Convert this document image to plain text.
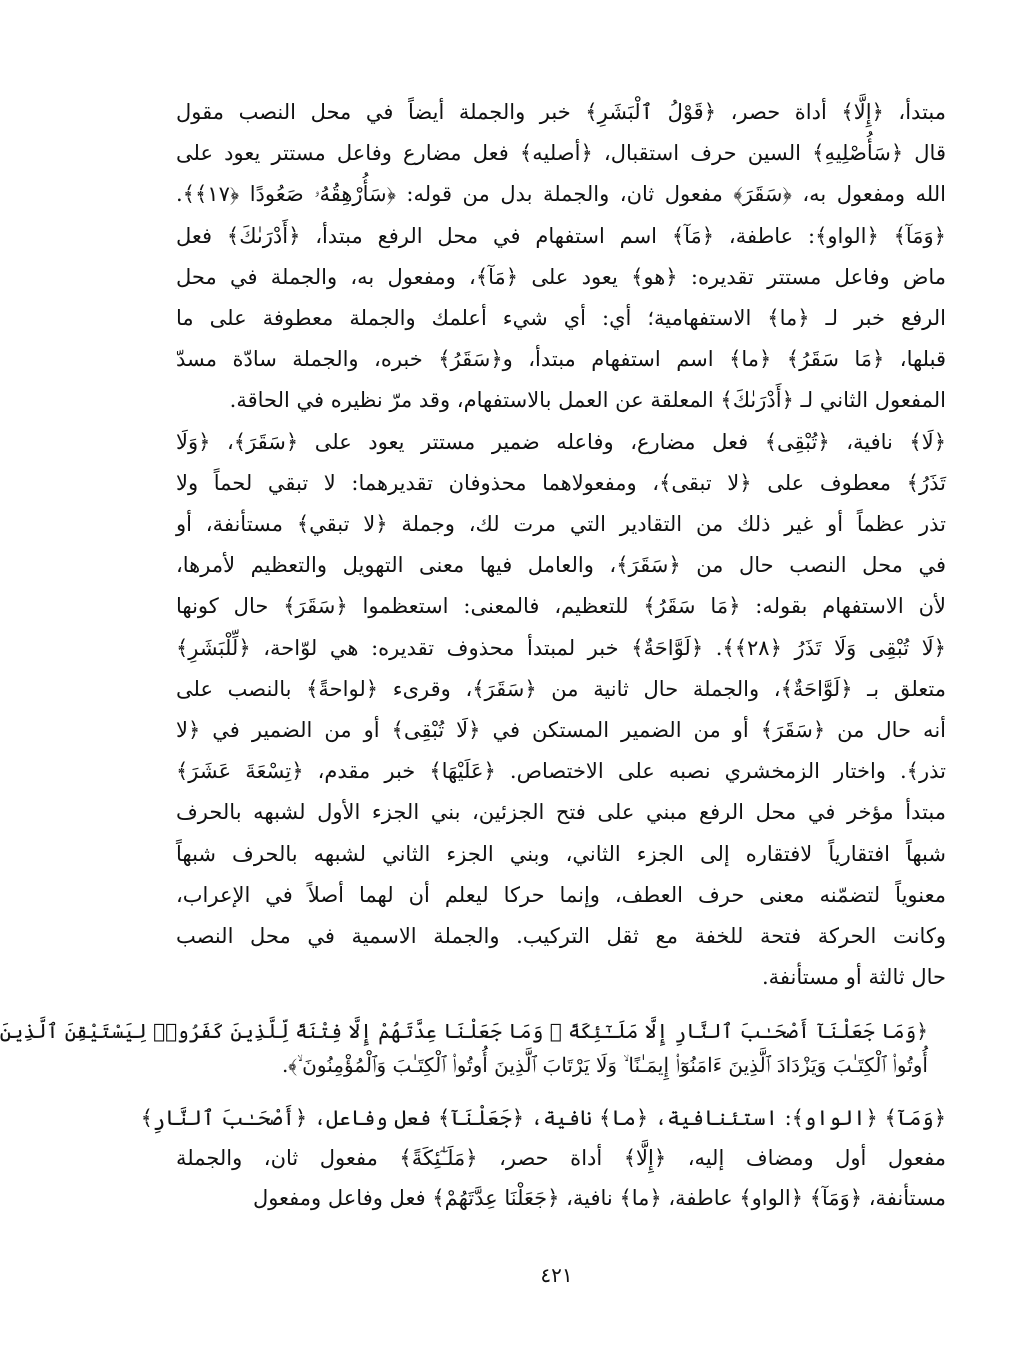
مبتدأ، ﴿إِلَّا﴾ أداة حصر، ﴿قَوْلُ ٱلْبَشَرِ﴾ خبر والجملة أيضاً في محل النصب مقول
قال ﴿سَأُصْلِيهِ﴾ السين حرف استقبال، ﴿أصليه﴾ فعل مضارع وفاعل مستتر يعود على
الله ومفعول به، ﴿سَقَرَ﴾ مفعول ثان، والجملة بدل من قوله: ﴿سَأُرْهِقُهُۥ صَعُودًا ﴿١٧﴾﴾.
﴿وَمَآ﴾ ﴿الواو﴾: عاطفة، ﴿مَآ﴾ اسم استفهام في محل الرفع مبتدأ، ﴿أَدْرَىٰكَ﴾ فعل
ماض وفاعل مستتر تقديره: ﴿هو﴾ يعود على ﴿مَآ﴾، ومفعول به، والجملة في محل
الرفع خبر لـ ﴿ما﴾ الاستفهامية؛ أي: أي شيء أعلمك والجملة معطوفة على ما
قبلها، ﴿مَا سَقَرُ﴾ ﴿ما﴾ اسم استفهام مبتدأ، و﴿سَقَرُ﴾ خبره، والجملة سادّة مسدّ
المفعول الثاني لـ ﴿أَدْرَىٰكَ﴾ المعلقة عن العمل بالاستفهام، وقد مرّ نظيره في الحاقة.
﴿لَا﴾ نافية، ﴿تُبْقِى﴾ فعل مضارع، وفاعله ضمير مستتر يعود على ﴿سَقَرَ﴾، ﴿وَلَا
تَذَرُ﴾ معطوف على ﴿لا تبقى﴾، ومفعولاهما محذوفان تقديرهما: لا تبقي لحماً ولا
تذر عظماً أو غير ذلك من التقادير التي مرت لك، وجملة ﴿لا تبقي﴾ مستأنفة، أو
في محل النصب حال من ﴿سَقَرَ﴾، والعامل فيها معنى التهويل والتعظيم لأمرها،
لأن الاستفهام بقوله: ﴿مَا سَقَرُ﴾ للتعظيم، فالمعنى: استعظموا ﴿سَقَرَ﴾ حال كونها
﴿لَا تُبْقِى وَلَا تَذَرُ ﴿٢٨﴾﴾. ﴿لَوَّاحَةٌ﴾ خبر لمبتدأ محذوف تقديره: هي لوّاحة، ﴿لِّلْبَشَرِ﴾
متعلق بـ ﴿لَوَّاحَةٌ﴾، والجملة حال ثانية من ﴿سَقَرَ﴾، وقرىء ﴿لواحةً﴾ بالنصب على
أنه حال من ﴿سَقَرَ﴾ أو من الضمير المستكن في ﴿لَا تُبْقِى﴾ أو من الضمير في ﴿لا
تذر﴾. واختار الزمخشري نصبه على الاختصاص. ﴿عَلَيْهَا﴾ خبر مقدم، ﴿تِسْعَةَ عَشَرَ﴾
مبتدأ مؤخر في محل الرفع مبني على فتح الجزئين، بني الجزء الأول لشبهه بالحرف
شبهاً افتقارياً لافتقاره إلى الجزء الثاني، وبني الجزء الثاني لشبهه بالحرف شبهاً
معنوياً لتضمّنه معنى حرف العطف، وإنما حركا ليعلم أن لهما أصلاً في الإعراب،
وكانت الحركة فتحة للخفة مع ثقل التركيب. والجملة الاسمية في محل النصب
حال ثالثة أو مستأنفة.
﴿وَمَا جَعَلْنَآ أَصْحَـٰبَ ٱلنَّارِ إِلَّا مَلَـٰٓئِكَةً ۙ وَمَا جَعَلْنَا عِدَّتَهُمْ إِلَّا فِتْنَةً لِّلَّذِينَ كَفَرُوا۟ لِيَسْتَيْقِنَ ٱلَّذِينَ
أُوتُوا۟ ٱلْكِتَـٰبَ وَيَزْدَادَ ٱلَّذِينَ ءَامَنُوٓا۟ إِيمَـٰنًا ۙ وَلَا يَرْتَابَ ٱلَّذِينَ أُوتُوا۟ ٱلْكِتَـٰبَ وَٱلْمُؤْمِنُونَ ۙ﴾.
﴿وَمَآ﴾ ﴿الواو﴾: استئنافية، ﴿ما﴾ نافية، ﴿جَعَلْنَآ﴾ فعل وفاعل، ﴿أَصْحَـٰبَ ٱلنَّارِ﴾
مفعول أول ومضاف إليه، ﴿إِلَّا﴾ أداة حصر، ﴿مَلَـٰٓئِكَةً﴾ مفعول ثان، والجملة
مستأنفة، ﴿وَمَآ﴾ ﴿الواو﴾ عاطفة، ﴿ما﴾ نافية، ﴿جَعَلْنَا عِدَّتَهُمْ﴾ فعل وفاعل ومفعول
٤٢١
